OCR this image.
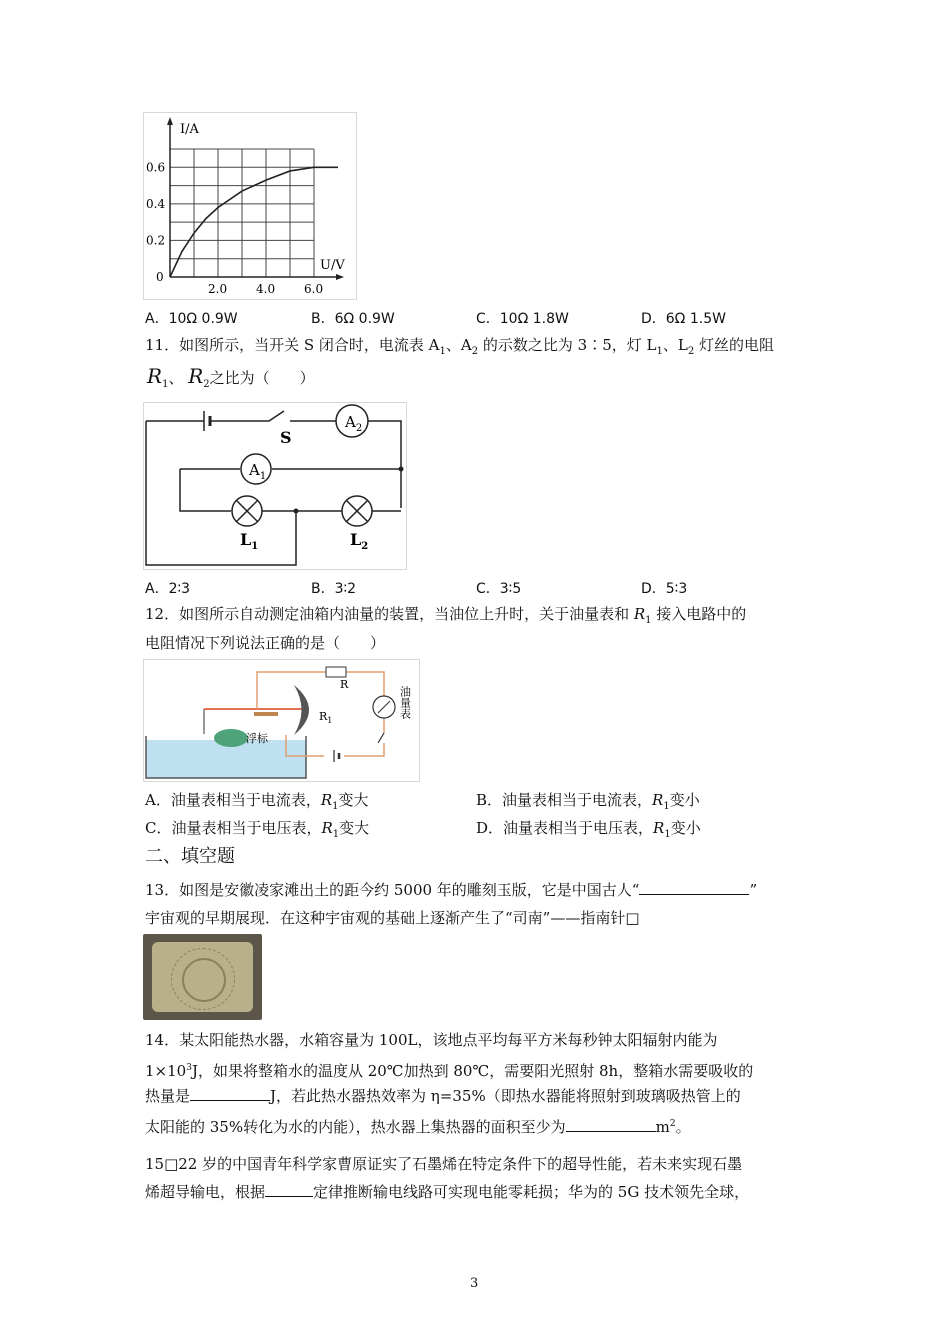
2.0 4.0 6.0
0.2
0.4
0.6
0
I/A
U/V
A．10Ω 0.9W	B．6Ω 0.9W	C．10Ω 1.8W	D．6Ω 1.5W
11．如图所示，当开关 S 闭合时，电流表 $A_1$、$A_2$ 的示数之比为 3∶5，灯 $L_1$、$L_2$ 灯丝的电阻
$R_1$、 $R_2$之比为（　　）
S
$A_2$
$A_1$
$L_1$	$L_2$
A．2∶3	B．3∶2	C．3∶5	D．5∶3
12．如图所示自动测定油箱内油量的装置，当油位上升时，关于油量表和 $R_1$ 接入电路中的
电阻情况下列说法正确的是（　　）
R
$R_1$
浮标
油量表
A．油量表相当于电流表，$R_1$变大	B．油量表相当于电流表，$R_1$变小
C．油量表相当于电压表，$R_1$变大	D．油量表相当于电压表，$R_1$变小
二、填空题
13．如图是安徽凌家滩出土的距今约 5000 年的雕刻玉版，它是中国古人“	”
宇宙观的早期展现．在这种宇宙观的基础上逐渐产生了“司南”——指南针□
14．某太阳能热水器，水箱容量为 100L，该地点平均每平方米每秒钟太阳辐射内能为
$1\times 10^3J$，如果将整箱水的温度从 20℃加热到 80℃，需要阳光照射 8h，整箱水需要吸收的
热量是	J，若此热水器热效率为 η=35%（即热水器能将照射到玻璃吸热管上的
太阳能的 35%转化为水的内能），热水器上集热器的面积至少为	$m^2$。
15□22 岁的中国青年科学家曹原证实了石墨烯在特定条件下的超导性能，若未来实现石墨
烯超导输电，根据	定律推断输电线路可实现电能零耗损；华为的 5G 技术领先全球，
3
